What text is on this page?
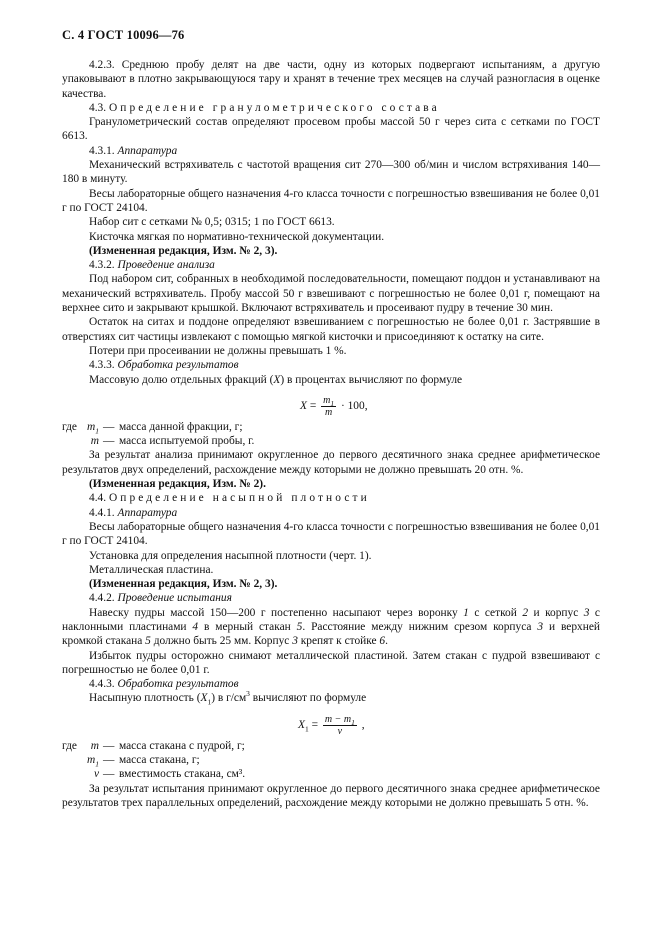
С. 4 ГОСТ 10096—76

4.2.3. Среднюю пробу делят на две части, одну из которых подвергают испытаниям, а другую упаковывают в плотно закрывающуюся тару и хранят в течение трех месяцев на случай разногласия в оценке качества.

4.3. Определение гранулометрического состава

Гранулометрический состав определяют просевом пробы массой 50 г через сита с сетками по ГОСТ 6613.

4.3.1. Аппаратура

Механический встряхиватель с частотой вращения сит 270—300 об/мин и числом встряхивания 140—180 в минуту.

Весы лабораторные общего назначения 4-го класса точности с погрешностью взвешивания не более 0,01 г по ГОСТ 24104.

Набор сит с сетками № 0,5; 0315; 1 по ГОСТ 6613.

Кисточка мягкая по нормативно-технической документации.

(Измененная редакция, Изм. № 2, 3).

4.3.2. Проведение анализа

Под набором сит, собранных в необходимой последовательности, помещают поддон и устанавливают на механический встряхиватель. Пробу массой 50 г взвешивают с погрешностью не более 0,01 г, помещают на верхнее сито и закрывают крышкой. Включают встряхиватель и просеивают пудру в течение 30 мин.

Остаток на ситах и поддоне определяют взвешиванием с погрешностью не более 0,01 г. Застрявшие в отверстиях сит частицы извлекают с помощью мягкой кисточки и присоединяют к остатку на сите.

Потери при просеивании не должны превышать 1 %.

4.3.3. Обработка результатов

Массовую долю отдельных фракций (X) в процентах вычисляют по формуле

$X = \frac{m_1}{m} \cdot 100$,
где $m_1$ — масса данной фракции, г;
m — масса испытуемой пробы, г.

За результат анализа принимают округленное до первого десятичного знака среднее арифметическое результатов двух определений, расхождение между которыми не должно превышать 20 отн. %.

(Измененная редакция, Изм. № 2).

4.4. Определение насыпной плотности

4.4.1. Аппаратура

Весы лабораторные общего назначения 4-го класса точности с погрешностью взвешивания не более 0,01 г по ГОСТ 24104.

Установка для определения насыпной плотности (черт. 1).

Металлическая пластина.

(Измененная редакция, Изм. № 2, 3).

4.4.2. Проведение испытания

Навеску пудры массой 150—200 г постепенно насыпают через воронку 1 с сеткой 2 и корпус 3 с наклонными пластинами 4 в мерный стакан 5. Расстояние между нижним срезом корпуса 3 и верхней кромкой стакана 5 должно быть 25 мм. Корпус 3 крепят к стойке 6.

Избыток пудры осторожно снимают металлической пластиной. Затем стакан с пудрой взвешивают с погрешностью не более 0,01 г.

4.4.3. Обработка результатов

Насыпную плотность $(X_1)$ в $г/см^3$ вычисляют по формуле

$X_1 = \frac{m - m_1}{v}$ ,
где m — масса стакана с пудрой, г;
$m_1$ — масса стакана, г;
v — вместимость стакана, см³.

За результат испытания принимают округленное до первого десятичного знака среднее арифметическое результатов трех параллельных определений, расхождение между которыми не должно превышать 5 отн. %.
